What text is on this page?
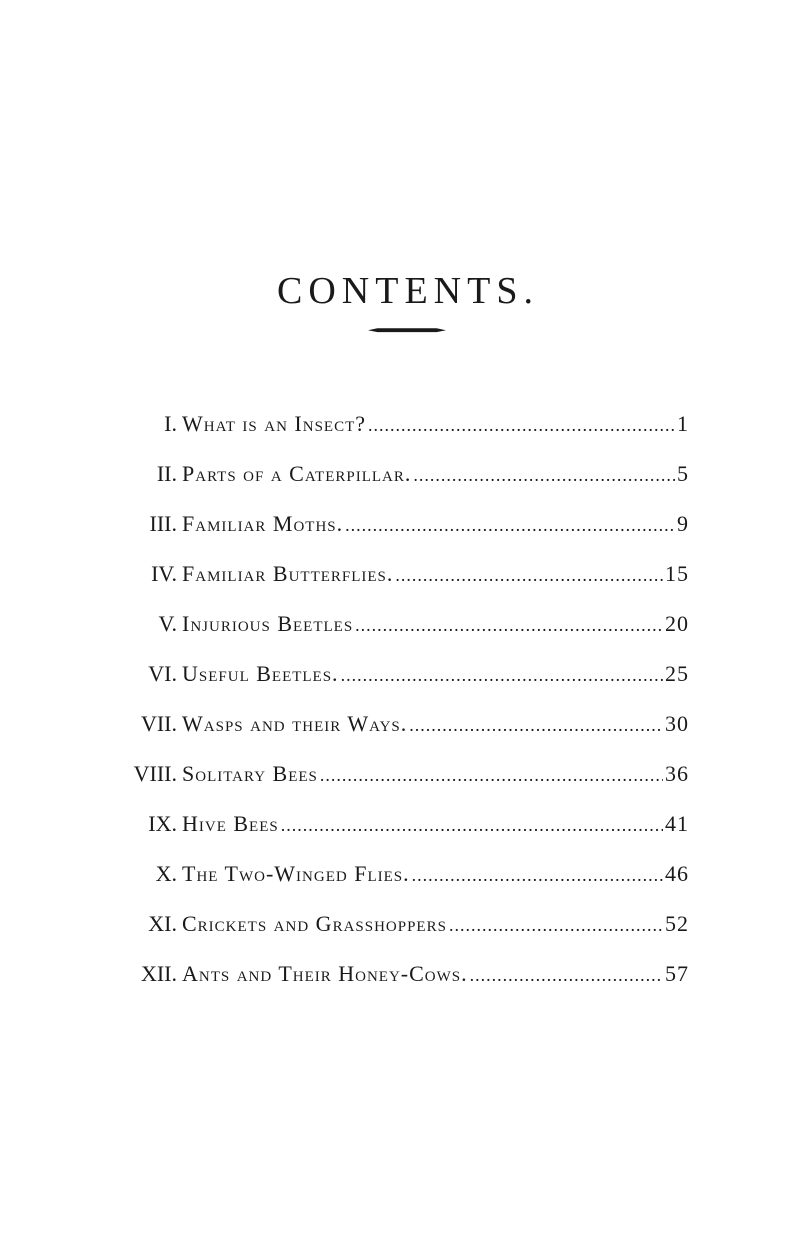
CONTENTS.
I. What is an Insect? .....	1
II. Parts of a Caterpillar. .....	5
III. Familiar Moths. .....	9
IV. Familiar Butterflies. .....	15
V. Injurious Beetles .....	20
VI. Useful Beetles. .....	25
VII. Wasps and their Ways. .....	30
VIII. Solitary Bees .....	36
IX. Hive Bees .....	41
X. The Two-Winged Flies. .....	46
XI. Crickets and Grasshoppers .....	52
XII. Ants and Their Honey-Cows. .....	57
